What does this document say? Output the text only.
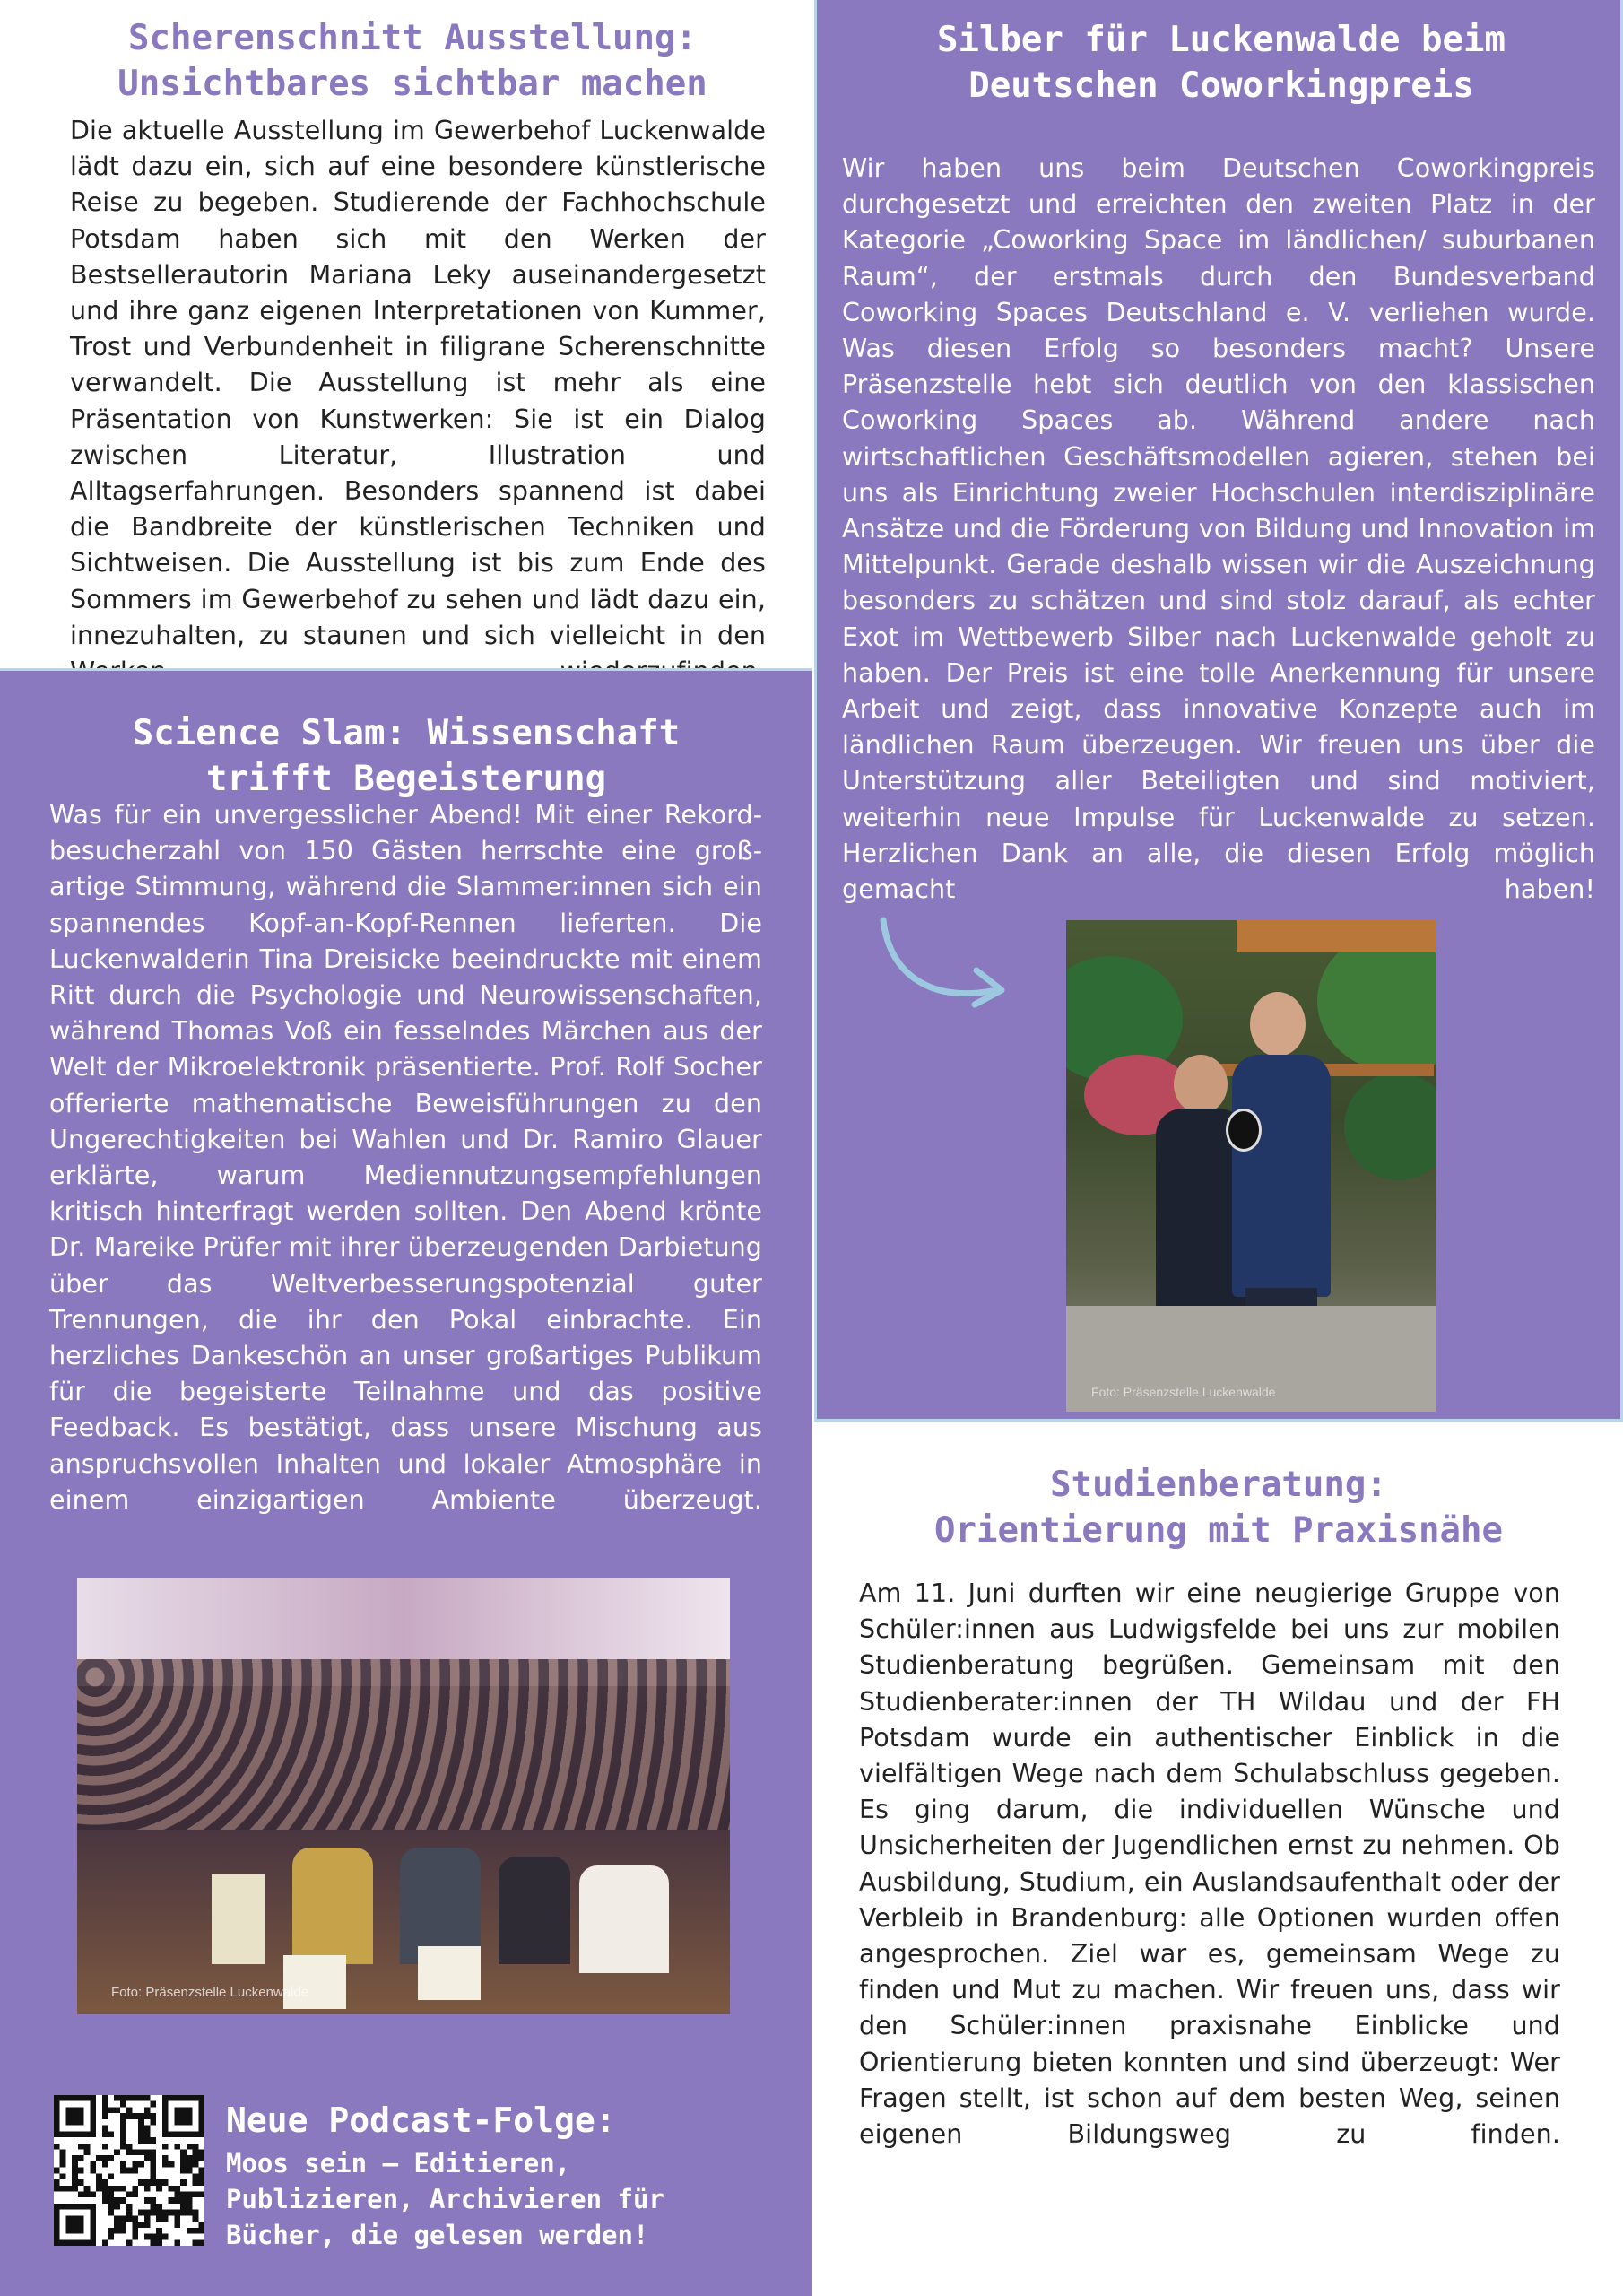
Scherenschnitt Ausstellung:
Unsichtbares sichtbar machen

Die aktuelle Ausstellung im Gewerbehof Luckenwalde lädt dazu ein, sich auf eine besondere künstlerische Reise zu begeben. Studierende der Fachhochschule Potsdam haben sich mit den Werken der Bestsellerautorin Mariana Leky auseinandergesetzt und ihre ganz eigenen Interpretationen von Kummer, Trost und Verbundenheit in filigrane Scherenschnitte verwandelt. Die Ausstellung ist mehr als eine Präsentation von Kunstwerken: Sie ist ein Dialog zwischen Literatur, Illustration und Alltagserfahrungen. Besonders spannend ist dabei die Bandbreite der künstlerischen Techniken und Sichtweisen. Die Ausstellung ist bis zum Ende des Sommers im Gewerbehof zu sehen und lädt dazu ein, innezuhalten, zu staunen und sich vielleicht in den

Silber für Luckenwalde beim
Deutschen Coworkingpreis

Wir haben uns beim Deutschen Coworkingpreis durchgesetzt und erreichten den zweiten Platz in der Kategorie „Coworking Space im ländlichen/ suburbanen Raum“, der erstmals durch den Bundesverband Coworking Spaces Deutschland e. V. verliehen wurde. Was diesen Erfolg so besonders macht? Unsere Präsenzstelle hebt sich deutlich von den klassischen Coworking Spaces ab. Während andere nach wirtschaftlichen Geschäftsmodellen agieren, stehen bei uns als Einrichtung zweier Hochschulen interdisziplinäre Ansätze und die Förderung von Bildung und Innovation im Mittelpunkt. Gerade deshalb wissen wir die Auszeichnung besonders zu schätzen und sind stolz darauf, als echter Exot im Wettbewerb Silber nach Luckenwalde geholt zu haben. Der Preis ist eine tolle Anerkennung für unsere Arbeit und zeigt, dass innovative Konzepte auch im ländlichen Raum überzeugen. Wir freuen uns über die Unterstützung aller Beteiligten und sind motiviert, weiterhin neue Impulse für Luckenwalde zu setzen. Herzlichen Dank an alle, die diesen Erfolg möglich gemacht haben!

Foto: Präsenzstelle Luckenwalde
Science Slam: Wissenschaft
trifft Begeisterung

Was für ein unvergesslicher Abend! Mit einer Rekordbesucherzahl von 150 Gästen herrschte eine großartige Stimmung, während die Slammer:innen sich ein spannendes Kopf-an-Kopf-Rennen lieferten. Die Luckenwalderin Tina Dreisicke beeindruckte mit einem Ritt durch die Psychologie und Neurowissenschaften, während Thomas Voß ein fesselndes Märchen aus der Welt der Mikroelektronik präsentierte. Prof. Rolf Socher offerierte mathematische Beweisführungen zu den Ungerechtigkeiten bei Wahlen und Dr. Ramiro Glauer erklärte, warum Mediennutzungsempfehlungen kritisch hinterfragt werden sollten. Den Abend krönte Dr. Mareike Prüfer mit ihrer überzeugenden Darbietung über das Weltverbesserungspotenzial guter Trennungen, die ihr den Pokal einbrachte. Ein herzliches Dankeschön an unser großartiges Publikum für die begeisterte Teilnahme und das positive Feedback. Es bestätigt, dass unsere Mischung aus anspruchsvollen Inhalten und lokaler Atmosphäre in einem einzigartigen Ambiente überzeugt.

Foto: Präsenzstelle Luckenwalde
Neue Podcast-Folge:
Moos sein – Editieren,
Publizieren, Archivieren für
Bücher, die gelesen werden!
Studienberatung:
Orientierung mit Praxisnähe

Am 11. Juni durften wir eine neugierige Gruppe von Schüler:innen aus Ludwigsfelde bei uns zur mobilen Studienberatung begrüßen. Gemeinsam mit den Studienberater:innen der TH Wildau und der FH Potsdam wurde ein authentischer Einblick in die vielfältigen Wege nach dem Schulabschluss gegeben. Es ging darum, die individuellen Wünsche und Unsicherheiten der Jugendlichen ernst zu nehmen. Ob Ausbildung, Studium, ein Auslandsaufenthalt oder der Verbleib in Brandenburg: alle Optionen wurden offen angesprochen. Ziel war es, gemeinsam Wege zu finden und Mut zu machen. Wir freuen uns, dass wir den Schüler:innen praxisnahe Einblicke und Orientierung bieten konnten und sind überzeugt: Wer Fragen stellt, ist schon auf dem besten Weg, seinen eigenen Bildungsweg zu finden.
